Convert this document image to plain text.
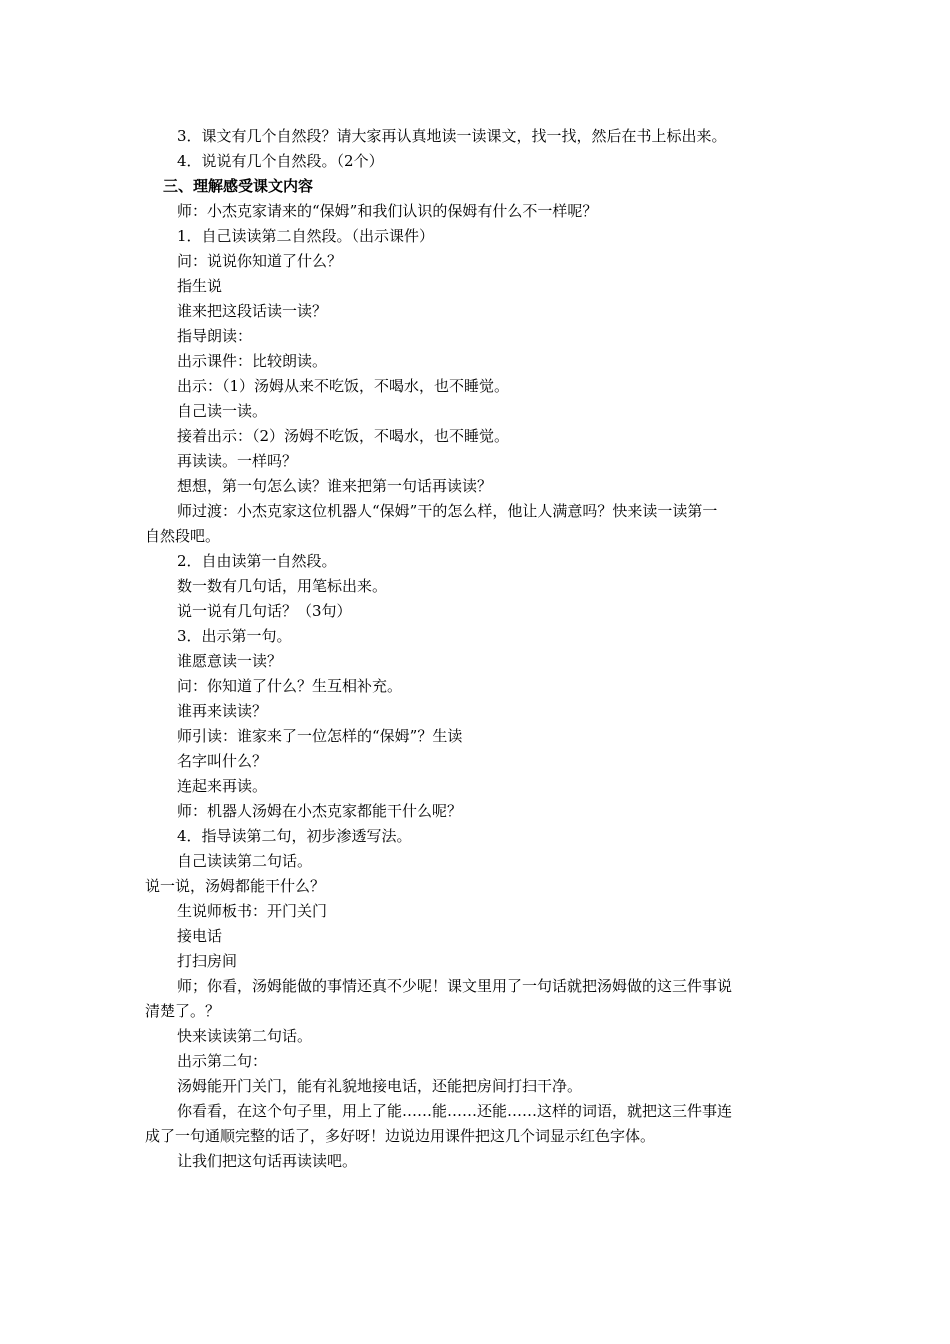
3．课文有几个自然段？请大家再认真地读一读课文，找一找，然后在书上标出来。
4．说说有几个自然段。（2个）
三、理解感受课文内容
师：小杰克家请来的“保姆”和我们认识的保姆有什么不一样呢？
1．自己读读第二自然段。（出示课件）
问：说说你知道了什么？
指生说
谁来把这段话读一读？
指导朗读：
出示课件：比较朗读。
出示：（1）汤姆从来不吃饭，不喝水，也不睡觉。
自己读一读。
接着出示：（2）汤姆不吃饭，不喝水，也不睡觉。
再读读。一样吗？
想想，第一句怎么读？谁来把第一句话再读读？
师过渡：小杰克家这位机器人“保姆”干的怎么样，他让人满意吗？快来读一读第一
自然段吧。
2．自由读第一自然段。
数一数有几句话，用笔标出来。
说一说有几句话？（3句）
3．出示第一句。
谁愿意读一读？
问：你知道了什么？生互相补充。
谁再来读读？
师引读：谁家来了一位怎样的“保姆”？生读
名字叫什么？
连起来再读。
师：机器人汤姆在小杰克家都能干什么呢？
4．指导读第二句，初步渗透写法。
自己读读第二句话。
说一说，汤姆都能干什么？
生说师板书：开门关门
接电话
打扫房间
师；你看，汤姆能做的事情还真不少呢！课文里用了一句话就把汤姆做的这三件事说
清楚了。？
快来读读第二句话。
出示第二句：
汤姆能开门关门，能有礼貌地接电话，还能把房间打扫干净。
你看看，在这个句子里，用上了能……能……还能……这样的词语，就把这三件事连
成了一句通顺完整的话了，多好呀！边说边用课件把这几个词显示红色字体。
让我们把这句话再读读吧。
